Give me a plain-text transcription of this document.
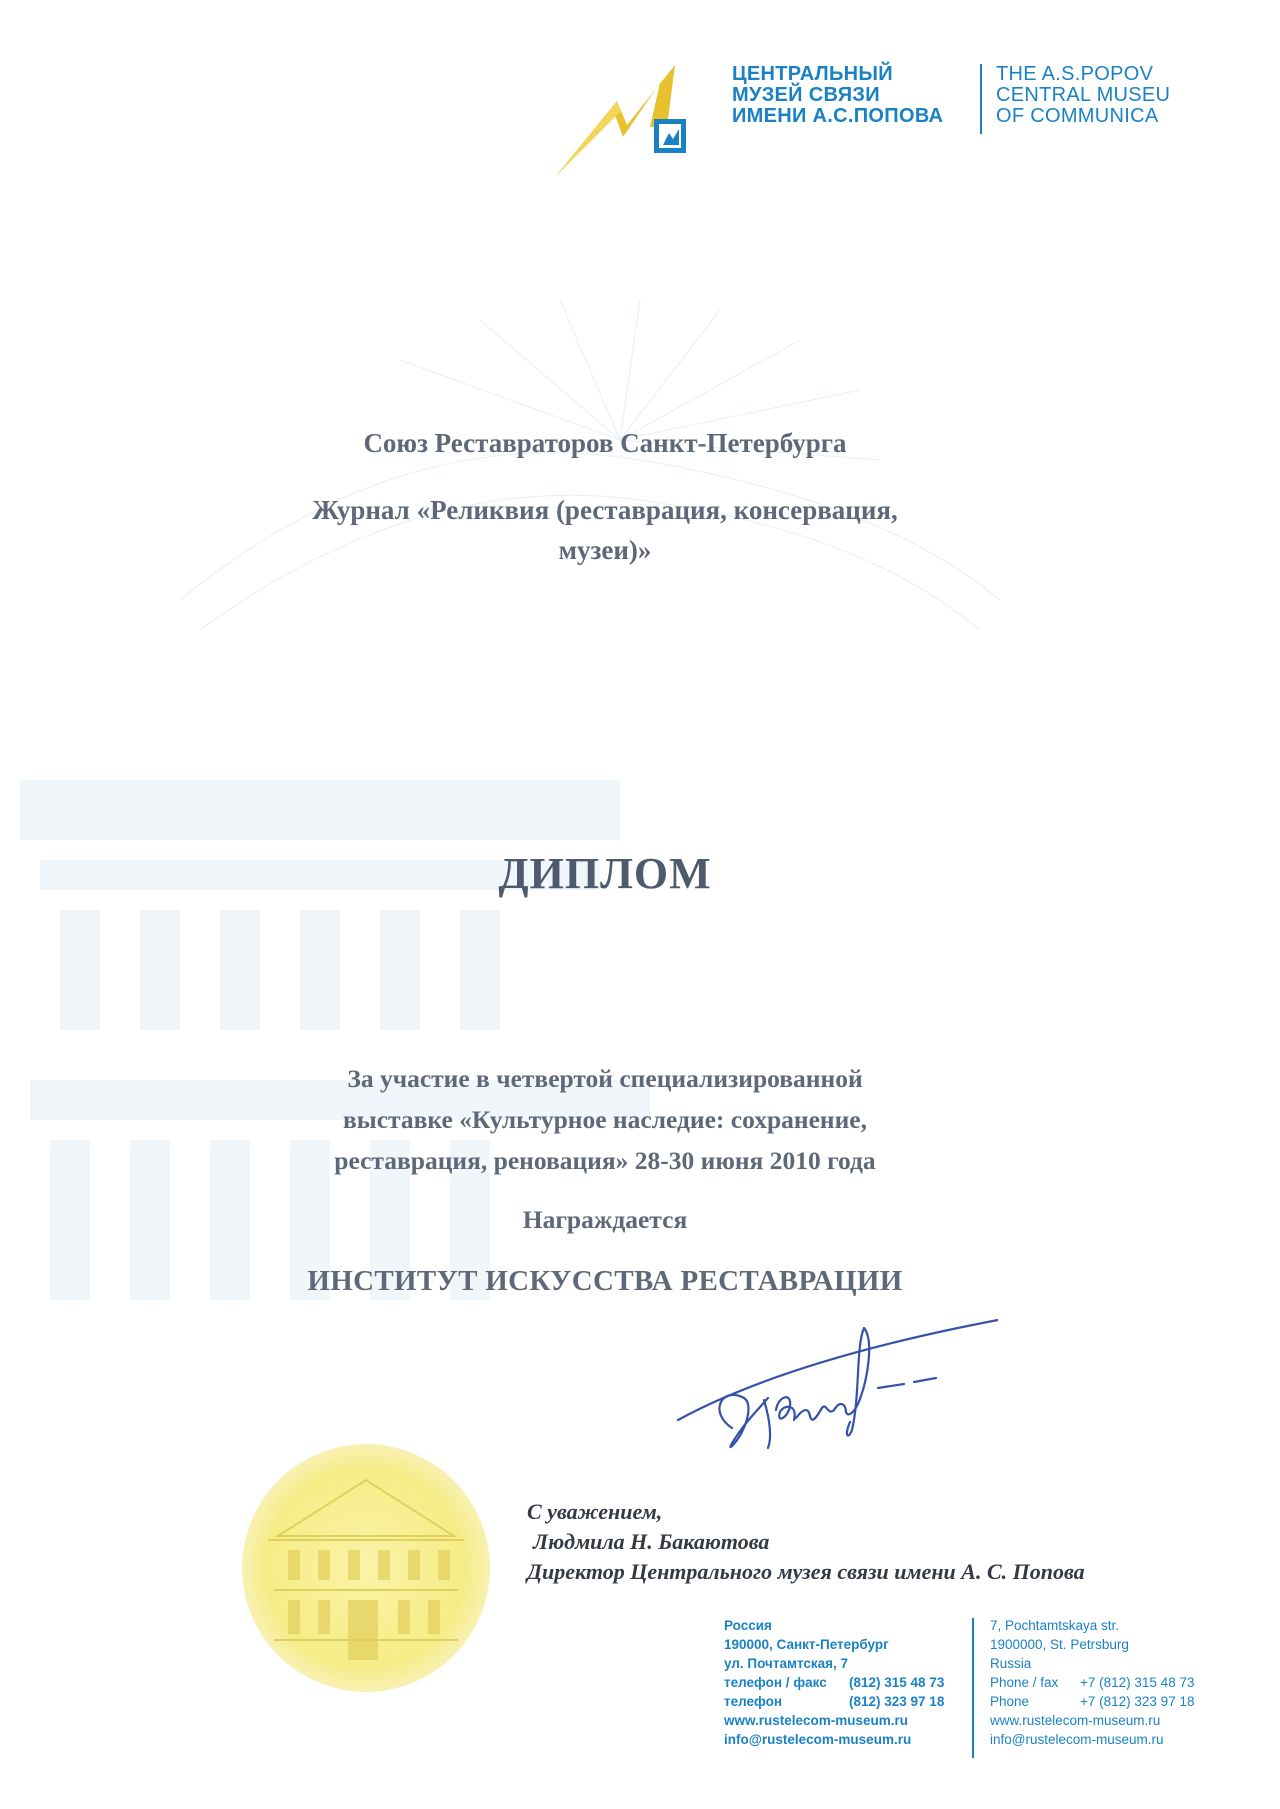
ЦЕНТРАЛЬНЫЙ
МУЗЕЙ СВЯЗИ
ИМЕНИ А.С.ПОПОВА
THE A.S.POPOV
CENTRAL MUSEU
OF COMMUNICA
Союз Реставраторов Санкт-Петербурга
Журнал «Реликвия (реставрация, консервация,
музеи)»
ДИПЛОМ
За участие в четвертой специализированной
выставке «Культурное наследие: сохранение,
реставрация, реновация» 28-30 июня 2010 года
Награждается
ИНСТИТУТ ИСКУССТВА РЕСТАВРАЦИИ
Л. Бакаютова
С уважением,
Людмила Н. Бакаютова
Директор Центрального музея связи имени А. С. Попова
Россия
190000, Санкт-Петербург
ул. Почтамтская, 7
телефон / факс (812) 315 48 73
телефон	(812) 323 97 18
www.rustelecom-museum.ru
info@rustelecom-museum.ru
7, Pochtamtskaya str.
1900000, St. Petrsburg
Russia
Phone / fax +7 (812) 315 48 73
Phone	+7 (812) 323 97 18
www.rustelecom-museum.ru
info@rustelecom-museum.ru
